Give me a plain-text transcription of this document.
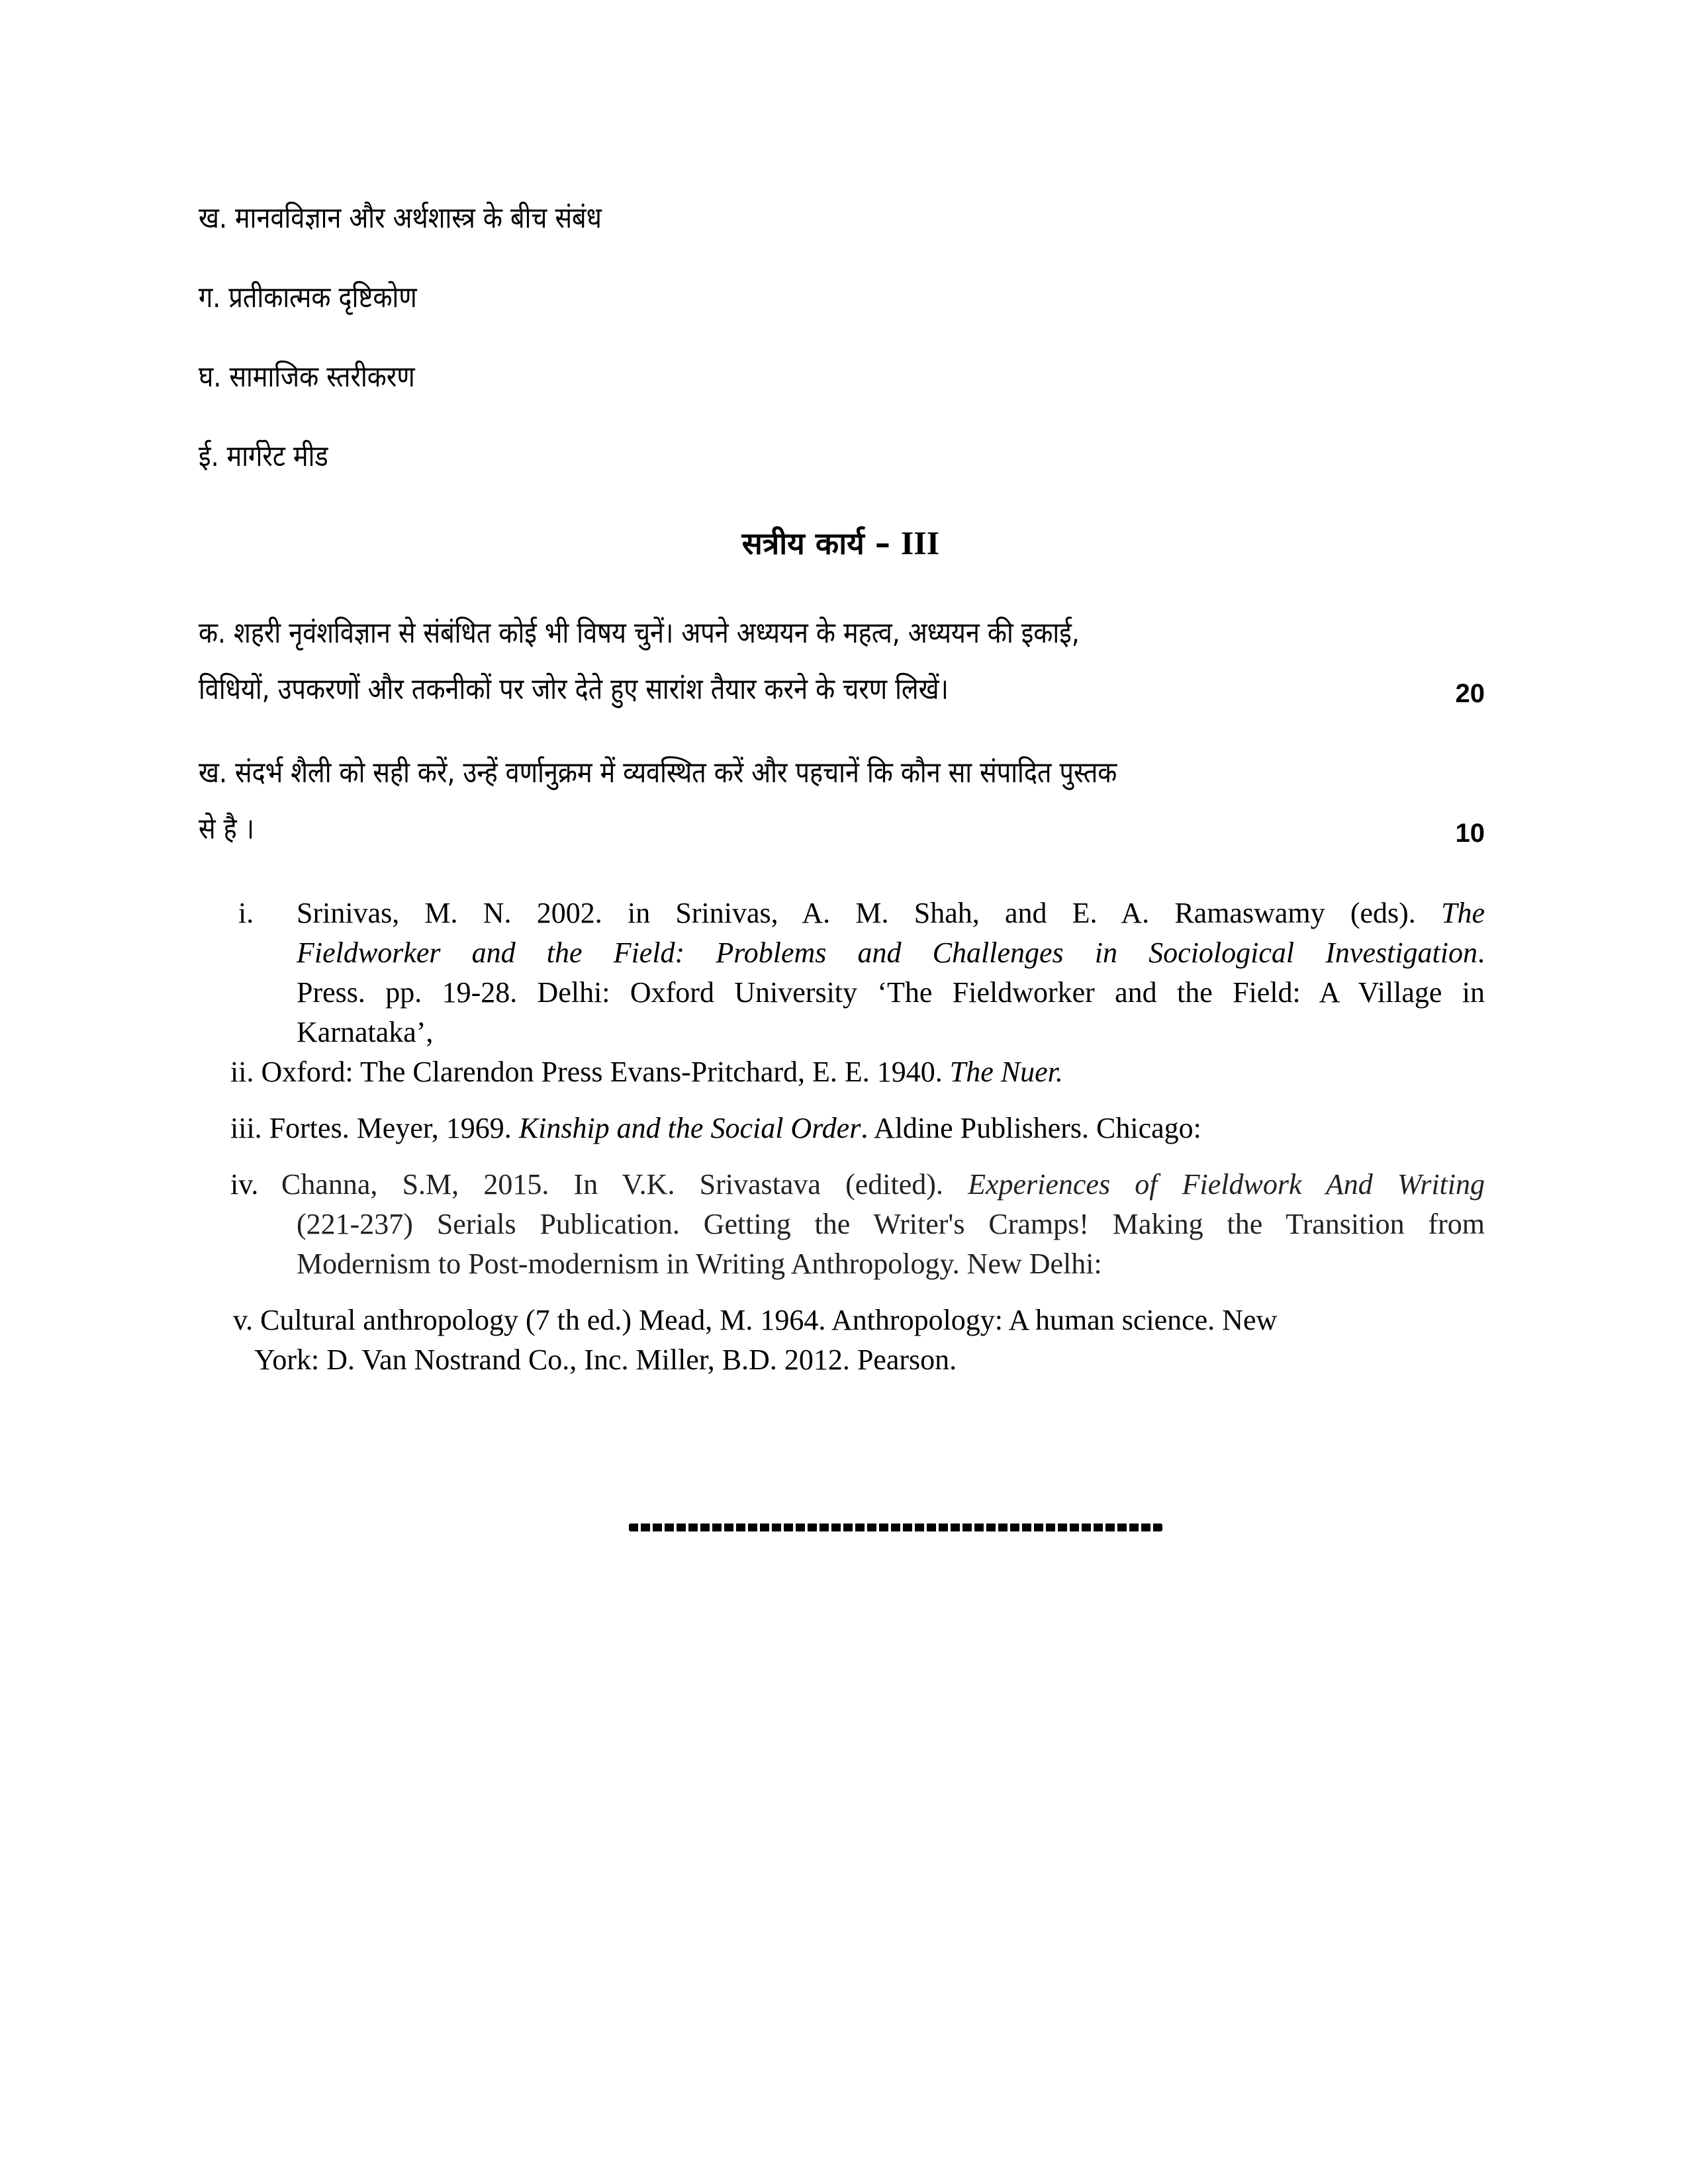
ख. मानवविज्ञान और अर्थशास्त्र के बीच संबंध
ग. प्रतीकात्मक दृष्टिकोण
घ. सामाजिक स्तरीकरण
ई. मार्गरेट मीड
सत्रीय कार्य – III
क. शहरी नृवंशविज्ञान से संबंधित कोई भी विषय चुनें। अपने अध्ययन के महत्व, अध्ययन की इकाई,
विधियों, उपकरणों और तकनीकों पर जोर देते हुए सारांश तैयार करने के चरण लिखें।	20
ख. संदर्भ शैली को सही करें, उन्हें वर्णानुक्रम में व्यवस्थित करें और पहचानें कि कौन सा संपादित पुस्तक
से है ।	10
i. Srinivas, M. N. 2002. in Srinivas, A. M. Shah, and E. A. Ramaswamy (eds). The
Fieldworker and the Field: Problems and Challenges in Sociological Investigation.
Press. pp. 19-28. Delhi: Oxford University ‘The Fieldworker and the Field: A Village in
Karnataka’,
ii. Oxford: The Clarendon Press Evans-Pritchard, E. E. 1940. The Nuer.
iii. Fortes. Meyer, 1969. Kinship and the Social Order. Aldine Publishers. Chicago:
iv. Channa, S.M, 2015. In V.K. Srivastava (edited). Experiences of Fieldwork And Writing
(221-237) Serials Publication. Getting the Writer's Cramps! Making the Transition from
Modernism to Post-modernism in Writing Anthropology. New Delhi:
v. Cultural anthropology (7 th ed.) Mead, M. 1964. Anthropology: A human science. New
York: D. Van Nostrand Co., Inc. Miller, B.D. 2012. Pearson.
